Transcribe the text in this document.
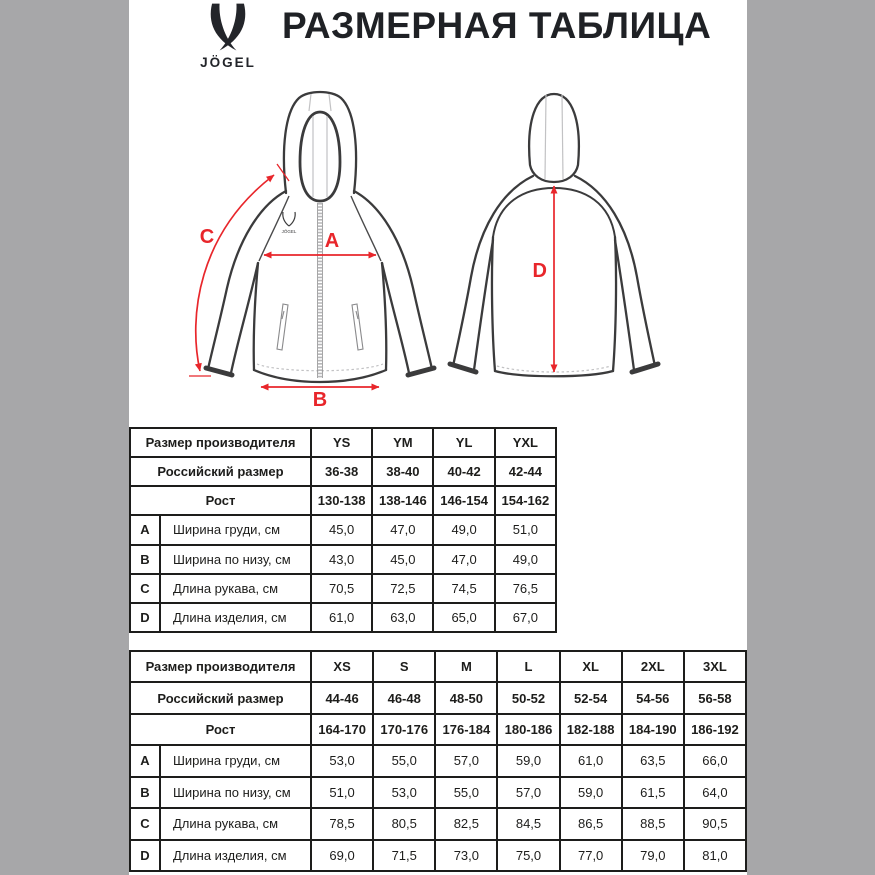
JÖGEL
РАЗМЕРНАЯ ТАБЛИЦА
JÖGEL A
B
C
D
Размер производителя		YS	YM	YL	YXL
Российский размер		36-38	38-40	40-42	42-44
Рост		130-138	138-146	146-154	154-162
A	Ширина груди, см	45,0	47,0	49,0	51,0
B	Ширина по низу, см	43,0	45,0	47,0	49,0
C	Длина рукава, см	70,5	72,5	74,5	76,5
D	Длина изделия, см	61,0	63,0	65,0	67,0
Размер производителя		XS	S	M	L	XL	2XL	3XL
Российский размер		44-46	46-48	48-50	50-52	52-54	54-56	56-58
Рост		164-170	170-176	176-184	180-186	182-188	184-190	186-192
A	Ширина груди, см	53,0	55,0	57,0	59,0	61,0	63,5	66,0
B	Ширина по низу, см	51,0	53,0	55,0	57,0	59,0	61,5	64,0
C	Длина рукава, см	78,5	80,5	82,5	84,5	86,5	88,5	90,5
D	Длина изделия, см	69,0	71,5	73,0	75,0	77,0	79,0	81,0
